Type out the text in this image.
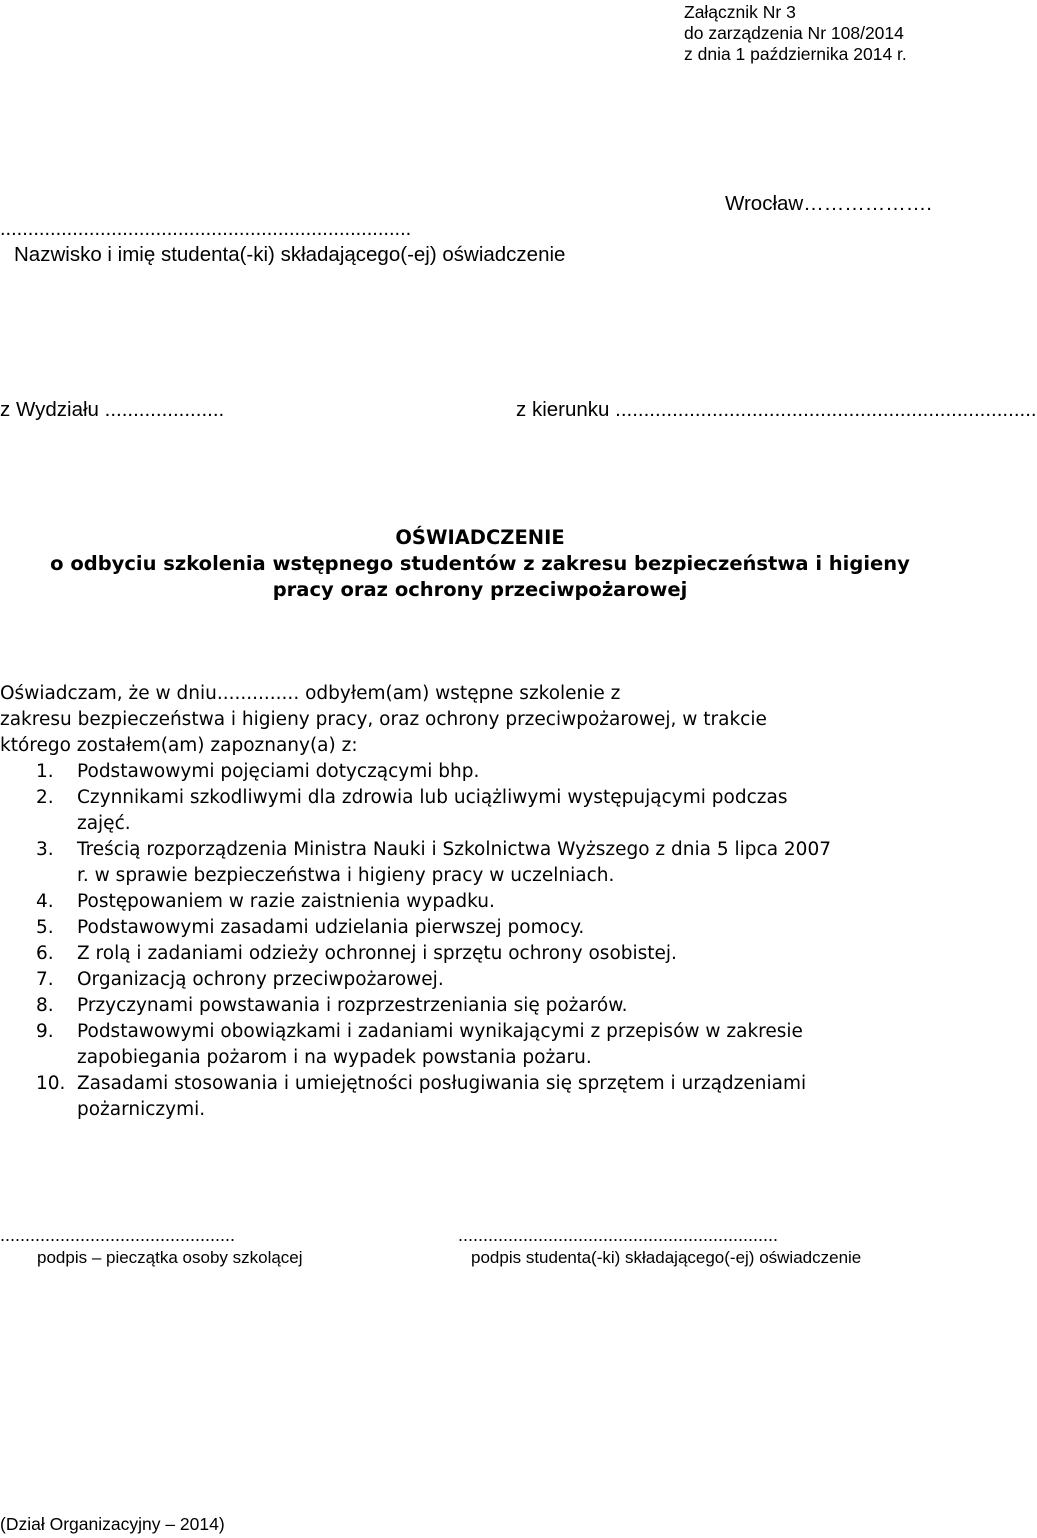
Załącznik Nr 3
do zarządzenia Nr 108/2014
z dnia 1 października 2014 r.
..........................................................................
Nazwisko i imię studenta(-ki) składającego(-ej) oświadczenie
Wrocław……………….
z Wydziału .....................	z kierunku ..........................................................................
OŚWIADCZENIE
o odbyciu szkolenia wstępnego studentów z zakresu bezpieczeństwa i higieny
pracy oraz ochrony przeciwpożarowej
Oświadczam, że w dniu.............. odbyłem(am) wstępne szkolenie z
zakresu bezpieczeństwa i higieny pracy, oraz ochrony przeciwpożarowej, w trakcie
którego zostałem(am) zapoznany(a) z:
1.	Podstawowymi pojęciami dotyczącymi bhp.
2.	Czynnikami szkodliwymi dla zdrowia lub uciążliwymi występującymi podczas
zajęć.
3.	Treścią rozporządzenia Ministra Nauki i Szkolnictwa Wyższego z dnia 5 lipca 2007
r. w sprawie bezpieczeństwa i higieny pracy w uczelniach.
4.	Postępowaniem w razie zaistnienia wypadku.
5.	Podstawowymi zasadami udzielania pierwszej pomocy.
6.	Z rolą i zadaniami odzieży ochronnej i sprzętu ochrony osobistej.
7.	Organizacją ochrony przeciwpożarowej.
8.	Przyczynami powstawania i rozprzestrzeniania się pożarów.
9.	Podstawowymi obowiązkami i zadaniami wynikającymi z przepisów w zakresie
zapobiegania pożarom i na wypadek powstania pożaru.
10. Zasadami stosowania i umiejętności posługiwania się sprzętem i urządzeniami
pożarniczymi.
...............................................
podpis – pieczątka osoby szkolącej
................................................................
podpis studenta(-ki) składającego(-ej) oświadczenie
(Dział Organizacyjny – 2014)
